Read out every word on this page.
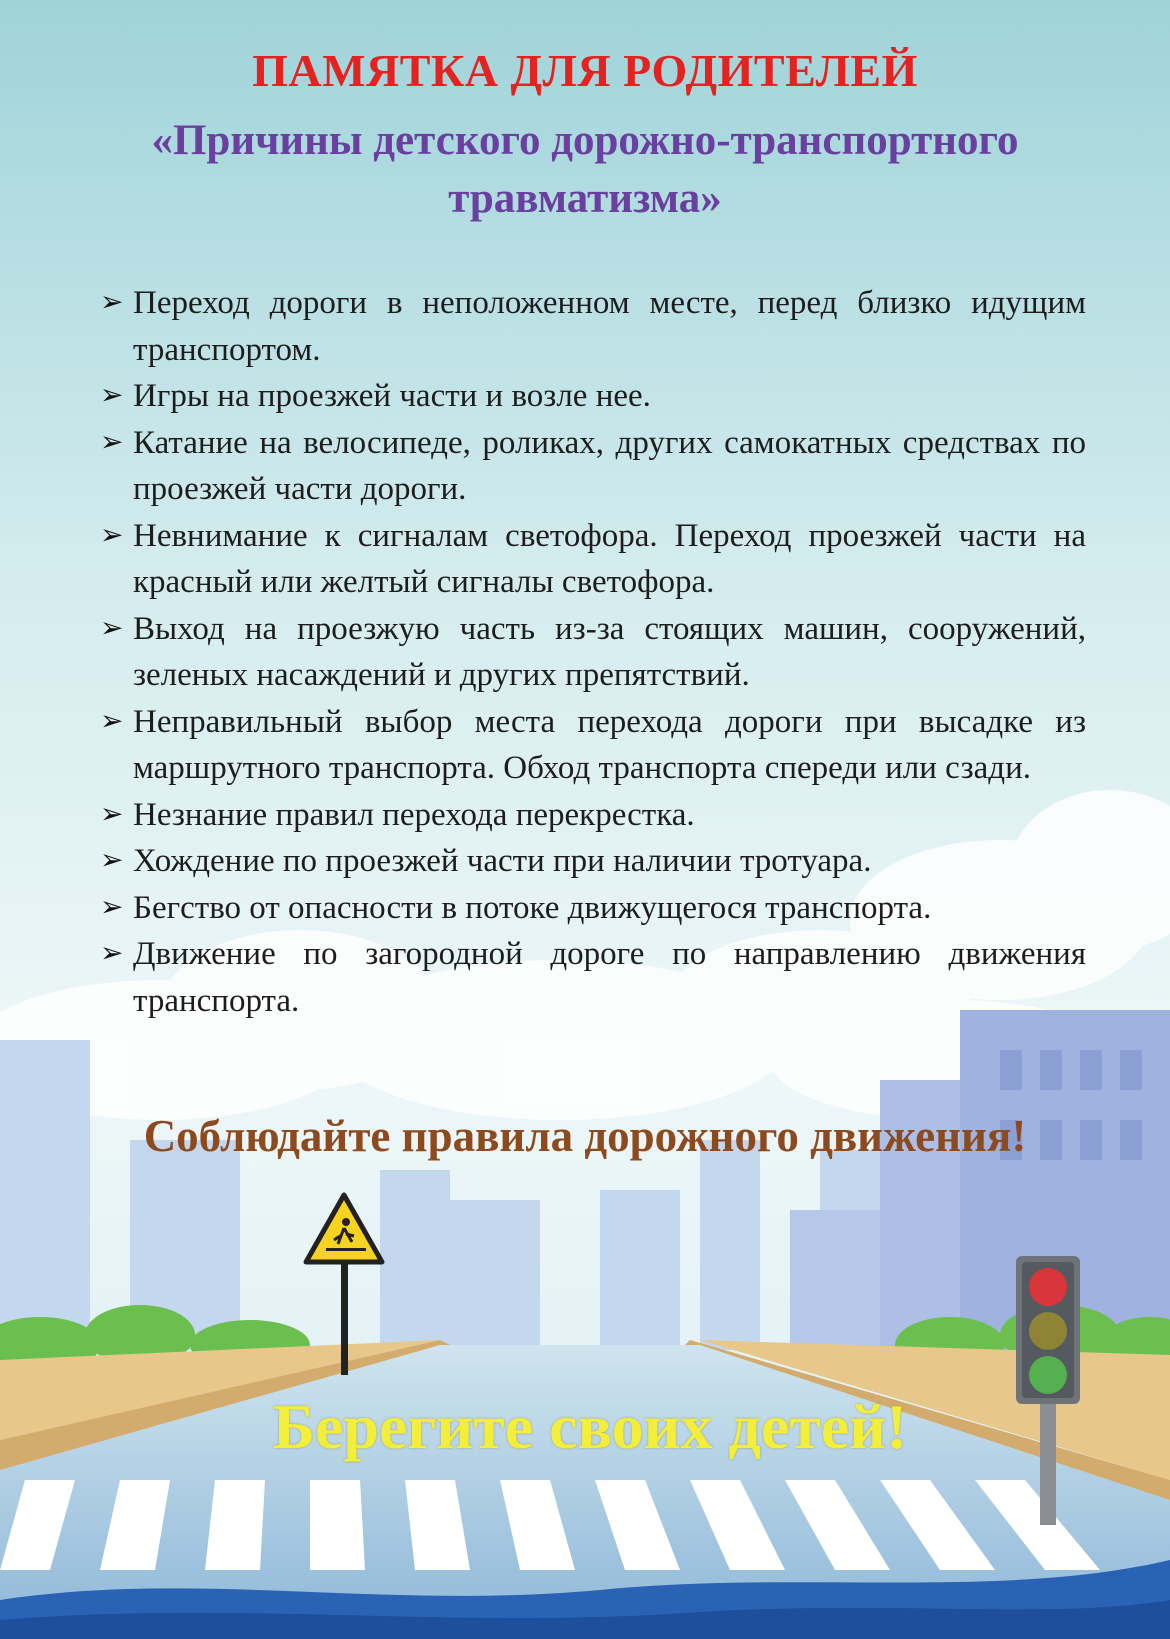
ПАМЯТКА ДЛЯ РОДИТЕЛЕЙ
«Причины детского дорожно-транспортного травматизма»
➢ Переход дороги в неположенном месте, перед близко идущим транспортом.
➢ Игры на проезжей части и возле нее.
➢ Катание на велосипеде, роликах, других самокатных средствах по проезжей части дороги.
➢ Невнимание к сигналам светофора. Переход проезжей части на красный или желтый сигналы светофора.
➢ Выход на проезжую часть из-за стоящих машин, сооружений, зеленых насаждений и других препятствий.
➢ Неправильный выбор места перехода дороги при высадке из маршрутного транспорта. Обход транспорта спереди или сзади.
➢ Незнание правил перехода перекрестка.
➢ Хождение по проезжей части при наличии тротуара.
➢ Бегство от опасности в потоке движущегося транспорта.
➢ Движение по загородной дороге по направлению движения транспорта.
Соблюдайте правила дорожного движения!
Берегите своих детей!
